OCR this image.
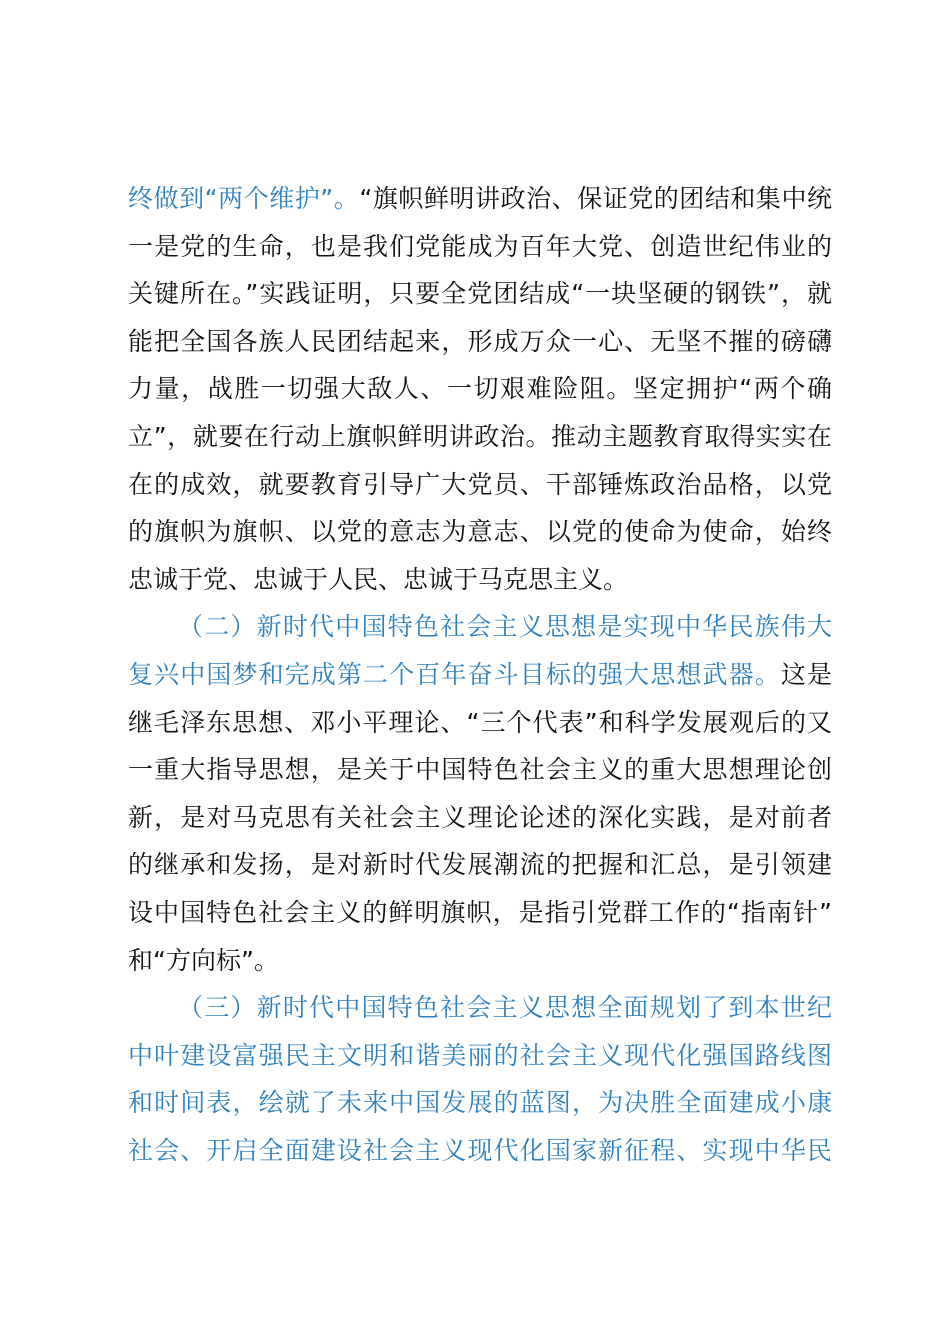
终做到“两个维护”。“旗帜鲜明讲政治、保证党的团结和集中统
一是党的生命，也是我们党能成为百年大党、创造世纪伟业的
关键所在。”实践证明，只要全党团结成“一块坚硬的钢铁”，就
能把全国各族人民团结起来，形成万众一心、无坚不摧的磅礴
力量，战胜一切强大敌人、一切艰难险阻。坚定拥护“两个确
立”，就要在行动上旗帜鲜明讲政治。推动主题教育取得实实在
在的成效，就要教育引导广大党员、干部锤炼政治品格，以党
的旗帜为旗帜、以党的意志为意志、以党的使命为使命，始终
忠诚于党、忠诚于人民、忠诚于马克思主义。
（二）新时代中国特色社会主义思想是实现中华民族伟大
复兴中国梦和完成第二个百年奋斗目标的强大思想武器。这是
继毛泽东思想、邓小平理论、“三个代表”和科学发展观后的又
一重大指导思想，是关于中国特色社会主义的重大思想理论创
新，是对马克思有关社会主义理论论述的深化实践，是对前者
的继承和发扬，是对新时代发展潮流的把握和汇总，是引领建
设中国特色社会主义的鲜明旗帜，是指引党群工作的“指南针”
和“方向标”。
（三）新时代中国特色社会主义思想全面规划了到本世纪
中叶建设富强民主文明和谐美丽的社会主义现代化强国路线图
和时间表，绘就了未来中国发展的蓝图，为决胜全面建成小康
社会、开启全面建设社会主义现代化国家新征程、实现中华民
